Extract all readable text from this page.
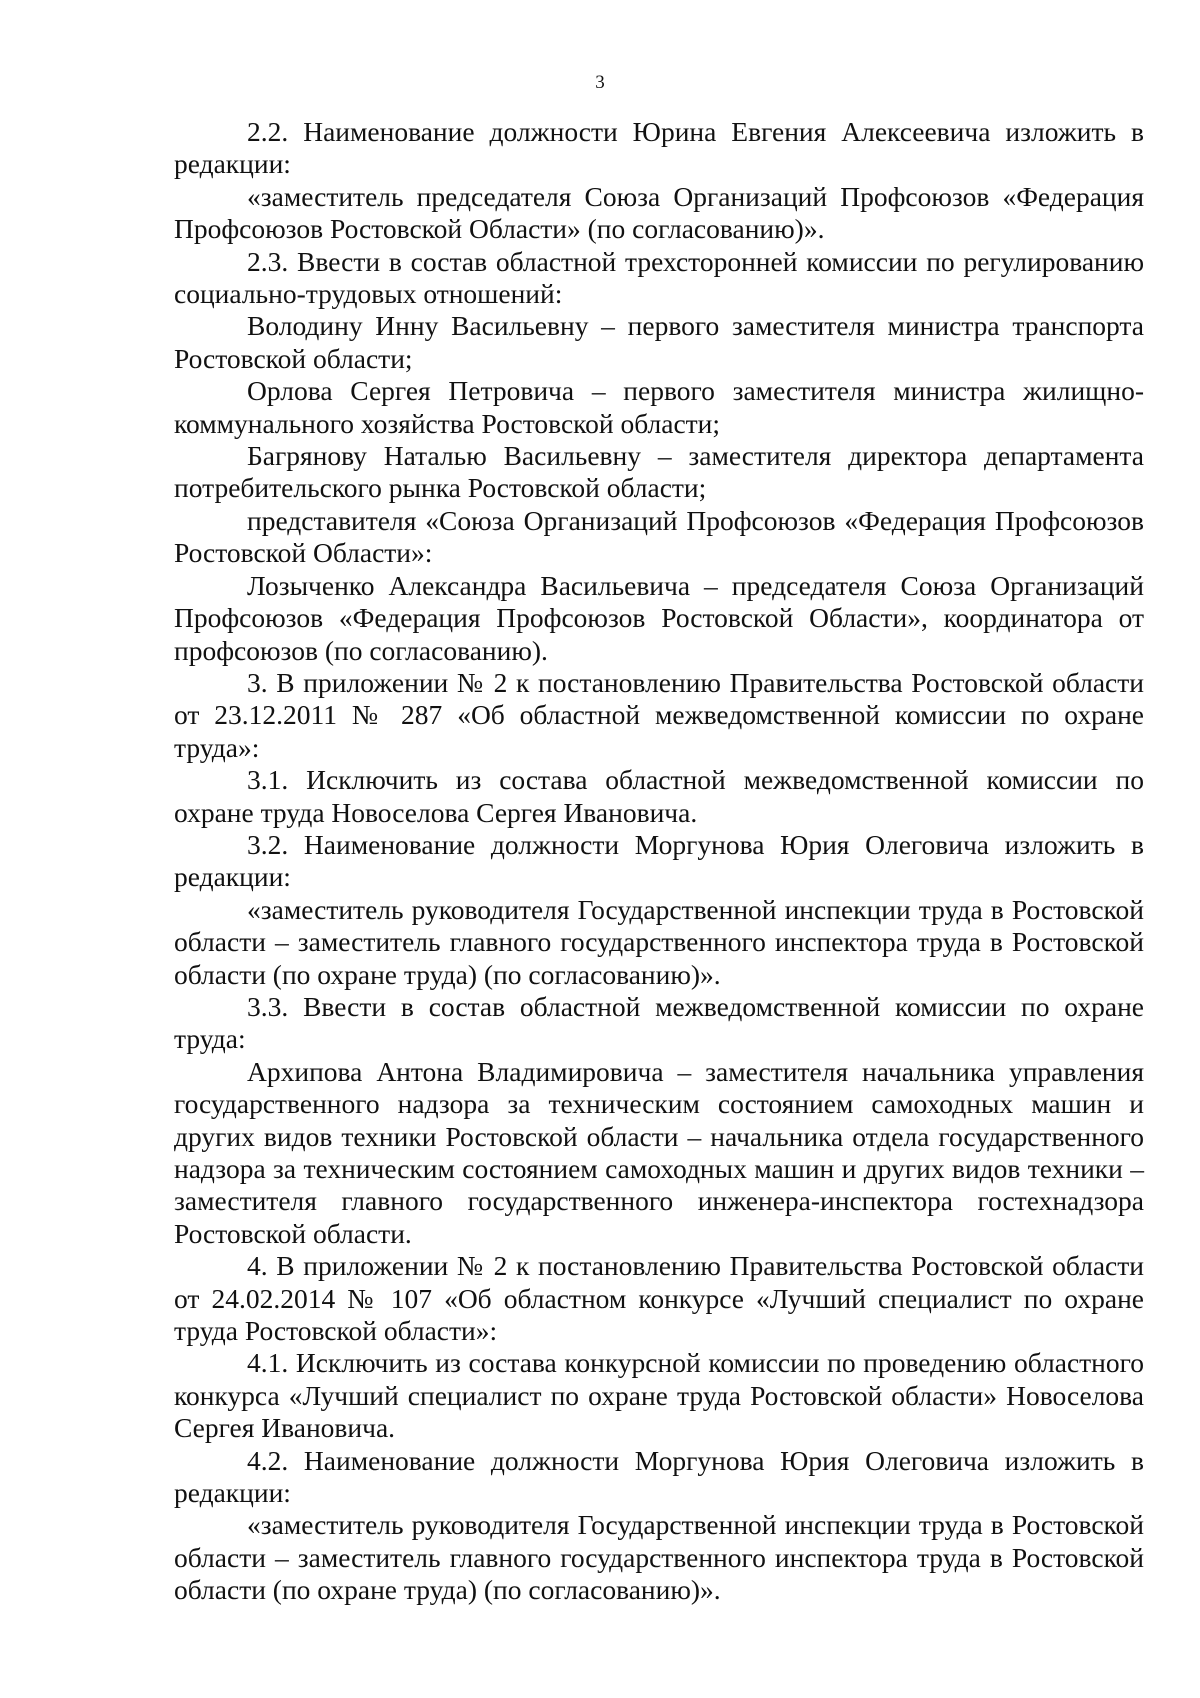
3

2.2. Наименование должности Юрина Евгения Алексеевича изложить в редакции:

«заместитель председателя Союза Организаций Профсоюзов «Федерация Профсоюзов Ростовской Области» (по согласованию)».

2.3. Ввести в состав областной трехсторонней комиссии по регулированию социально-трудовых отношений:

Володину Инну Васильевну – первого заместителя министра транспорта Ростовской области;

Орлова Сергея Петровича – первого заместителя министра жилищно-коммунального хозяйства Ростовской области;

Багрянову Наталью Васильевну – заместителя директора департамента потребительского рынка Ростовской области;

представителя «Союза Организаций Профсоюзов «Федерация Профсоюзов Ростовской Области»:

Лозыченко Александра Васильевича – председателя Союза Организаций Профсоюзов «Федерация Профсоюзов Ростовской Области», координатора от профсоюзов (по согласованию).

3. В приложении № 2 к постановлению Правительства Ростовской области от 23.12.2011 № 287 «Об областной межведомственной комиссии по охране труда»:

3.1. Исключить из состава областной межведомственной комиссии по охране труда Новоселова Сергея Ивановича.

3.2. Наименование должности Моргунова Юрия Олеговича изложить в редакции:

«заместитель руководителя Государственной инспекции труда в Ростовской области – заместитель главного государственного инспектора труда в Ростовской области (по охране труда) (по согласованию)».

3.3. Ввести в состав областной межведомственной комиссии по охране труда:

Архипова Антона Владимировича – заместителя начальника управления государственного надзора за техническим состоянием самоходных машин и других видов техники Ростовской области – начальника отдела государственного надзора за техническим состоянием самоходных машин и других видов техники – заместителя главного государственного инженера-инспектора гостехнадзора Ростовской области.

4. В приложении № 2 к постановлению Правительства Ростовской области от 24.02.2014 № 107 «Об областном конкурсе «Лучший специалист по охране труда Ростовской области»:

4.1. Исключить из состава конкурсной комиссии по проведению областного конкурса «Лучший специалист по охране труда Ростовской области» Новоселова Сергея Ивановича.

4.2. Наименование должности Моргунова Юрия Олеговича изложить в редакции:

«заместитель руководителя Государственной инспекции труда в Ростовской области – заместитель главного государственного инспектора труда в Ростовской области (по охране труда) (по согласованию)».
